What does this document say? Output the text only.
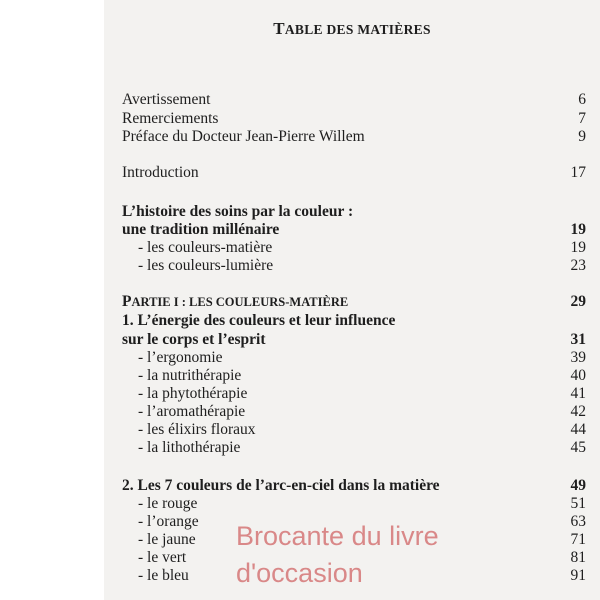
TABLE DES MATIÈRES
Avertissement	6
Remerciements	7
Préface du Docteur Jean-Pierre Willem	9
Introduction	17
L’histoire des soins par la couleur :
une tradition millénaire	19
- les couleurs-matière	19
- les couleurs-lumière	23
PARTIE I : LES COULEURS-MATIÈRE	29
1. L’énergie des couleurs et leur influence
sur le corps et l’esprit	31
- l’ergonomie	39
- la nutrithérapie	40
- la phytothérapie	41
- l’aromathérapie	42
- les élixirs floraux	44
- la lithothérapie	45
2. Les 7 couleurs de l’arc-en-ciel dans la matière	49
- le rouge	51
- l’orange	63
- le jaune	71
- le vert	81
- le bleu	91
Brocante du livre
d'occasion
